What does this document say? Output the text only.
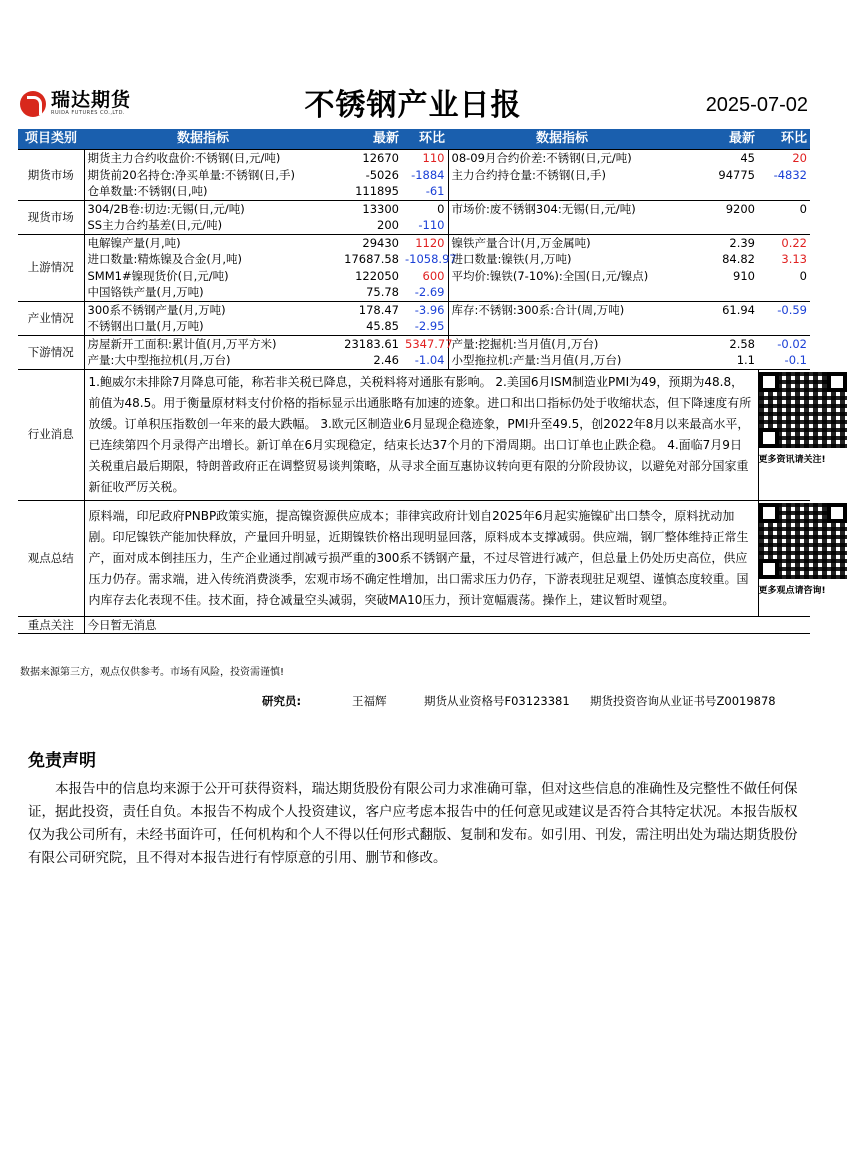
瑞达期货
RUIDA FUTURES CO.,LTD.	不锈钢产业日报	2025-07-02
项目类别	数据指标	最新	环比	数据指标	最新	环比
期货市场	期货主力合约收盘价:不锈钢(日,元/吨)	12670	110	08-09月合约价差:不锈钢(日,元/吨)	45	20
	期货前20名持仓:净买单量:不锈钢(日,手)	-5026	-1884	主力合约持仓量:不锈钢(日,手)	94775	-4832
	仓单数量:不锈钢(日,吨)	111895	-61			
现货市场	304/2B卷:切边:无锡(日,元/吨)	13300	0	市场价:废不锈钢304:无锡(日,元/吨)	9200	0
	SS主力合约基差(日,元/吨)	200	-110			
上游情况	电解镍产量(月,吨)	29430	1120	镍铁产量合计(月,万金属吨)	2.39	0.22
	进口数量:精炼镍及合金(月,吨)	17687.58	-1058.97	进口数量:镍铁(月,万吨)	84.82	3.13
	SMM1#镍现货价(日,元/吨)	122050	600	平均价:镍铁(7-10%):全国(日,元/镍点)	910	0
	中国铬铁产量(月,万吨)	75.78	-2.69			
产业情况	300系不锈钢产量(月,万吨)	178.47	-3.96	库存:不锈钢:300系:合计(周,万吨)	61.94	-0.59
	不锈钢出口量(月,万吨)	45.85	-2.95			
下游情况	房屋新开工面积:累计值(月,万平方米)	23183.61	5347.77	产量:挖掘机:当月值(月,万台)	2.58	-0.02
	产量:大中型拖拉机(月,万台)	2.46	-1.04	小型拖拉机:产量:当月值(月,万台)	1.1	-0.1
行业消息	1.鲍威尔未排除7月降息可能，称若非关税已降息，关税料将对通胀有影响。 2.美国6月ISM制造业PMI为49，预期为48.8，前值为48.5。用于衡量原材料支付价格的指标显示出通胀略有加速的迹象。进口和出口指标仍处于收缩状态，但下降速度有所放缓。订单积压指数创一年来的最大跌幅。 3.欧元区制造业6月显现企稳迹象，PMI升至49.5，创2022年8月以来最高水平，已连续第四个月录得产出增长。新订单在6月实现稳定，结束长达37个月的下滑周期。出口订单也止跌企稳。 4.面临7月9日关税重启最后期限，特朗普政府正在调整贸易谈判策略，从寻求全面互惠协议转向更有限的分阶段协议，以避免对部分国家重新征收严厉关税。					更多资讯请关注!

观点总结	原料端，印尼政府PNBP政策实施，提高镍资源供应成本；菲律宾政府计划自2025年6月起实施镍矿出口禁令，原料扰动加剧。印尼镍铁产能加快释放，产量回升明显，近期镍铁价格出现明显回落，原料成本支撑减弱。供应端，钢厂整体维持正常生产，面对成本倒挂压力，生产企业通过削减亏损严重的300系不锈钢产量，不过尽管进行减产，但总量上仍处历史高位，供应压力仍存。需求端，进入传统消费淡季，宏观市场不确定性增加，出口需求压力仍存，下游表现驻足观望、谨慎态度较重。国内库存去化表现不佳。技术面，持仓减量空头减弱，突破MA10压力，预计宽幅震荡。操作上，建议暂时观望。					更多观点请咨询!

重点关注	今日暂无消息					
数据来源第三方，观点仅供参考。市场有风险，投资需谨慎!
研究员:	王福辉	期货从业资格号F03123381 期货投资咨询从业证书号Z0019878
免责声明
本报告中的信息均来源于公开可获得资料，瑞达期货股份有限公司力求准确可靠，但对这些信息的准确性及完整性不做任何保证，据此投资，责任自负。本报告不构成个人投资建议，客户应考虑本报告中的任何意见或建议是否符合其特定状况。本报告版权仅为我公司所有，未经书面许可，任何机构和个人不得以任何形式翻版、复制和发布。如引用、刊发，需注明出处为瑞达期货股份有限公司研究院，且不得对本报告进行有悖原意的引用、删节和修改。
